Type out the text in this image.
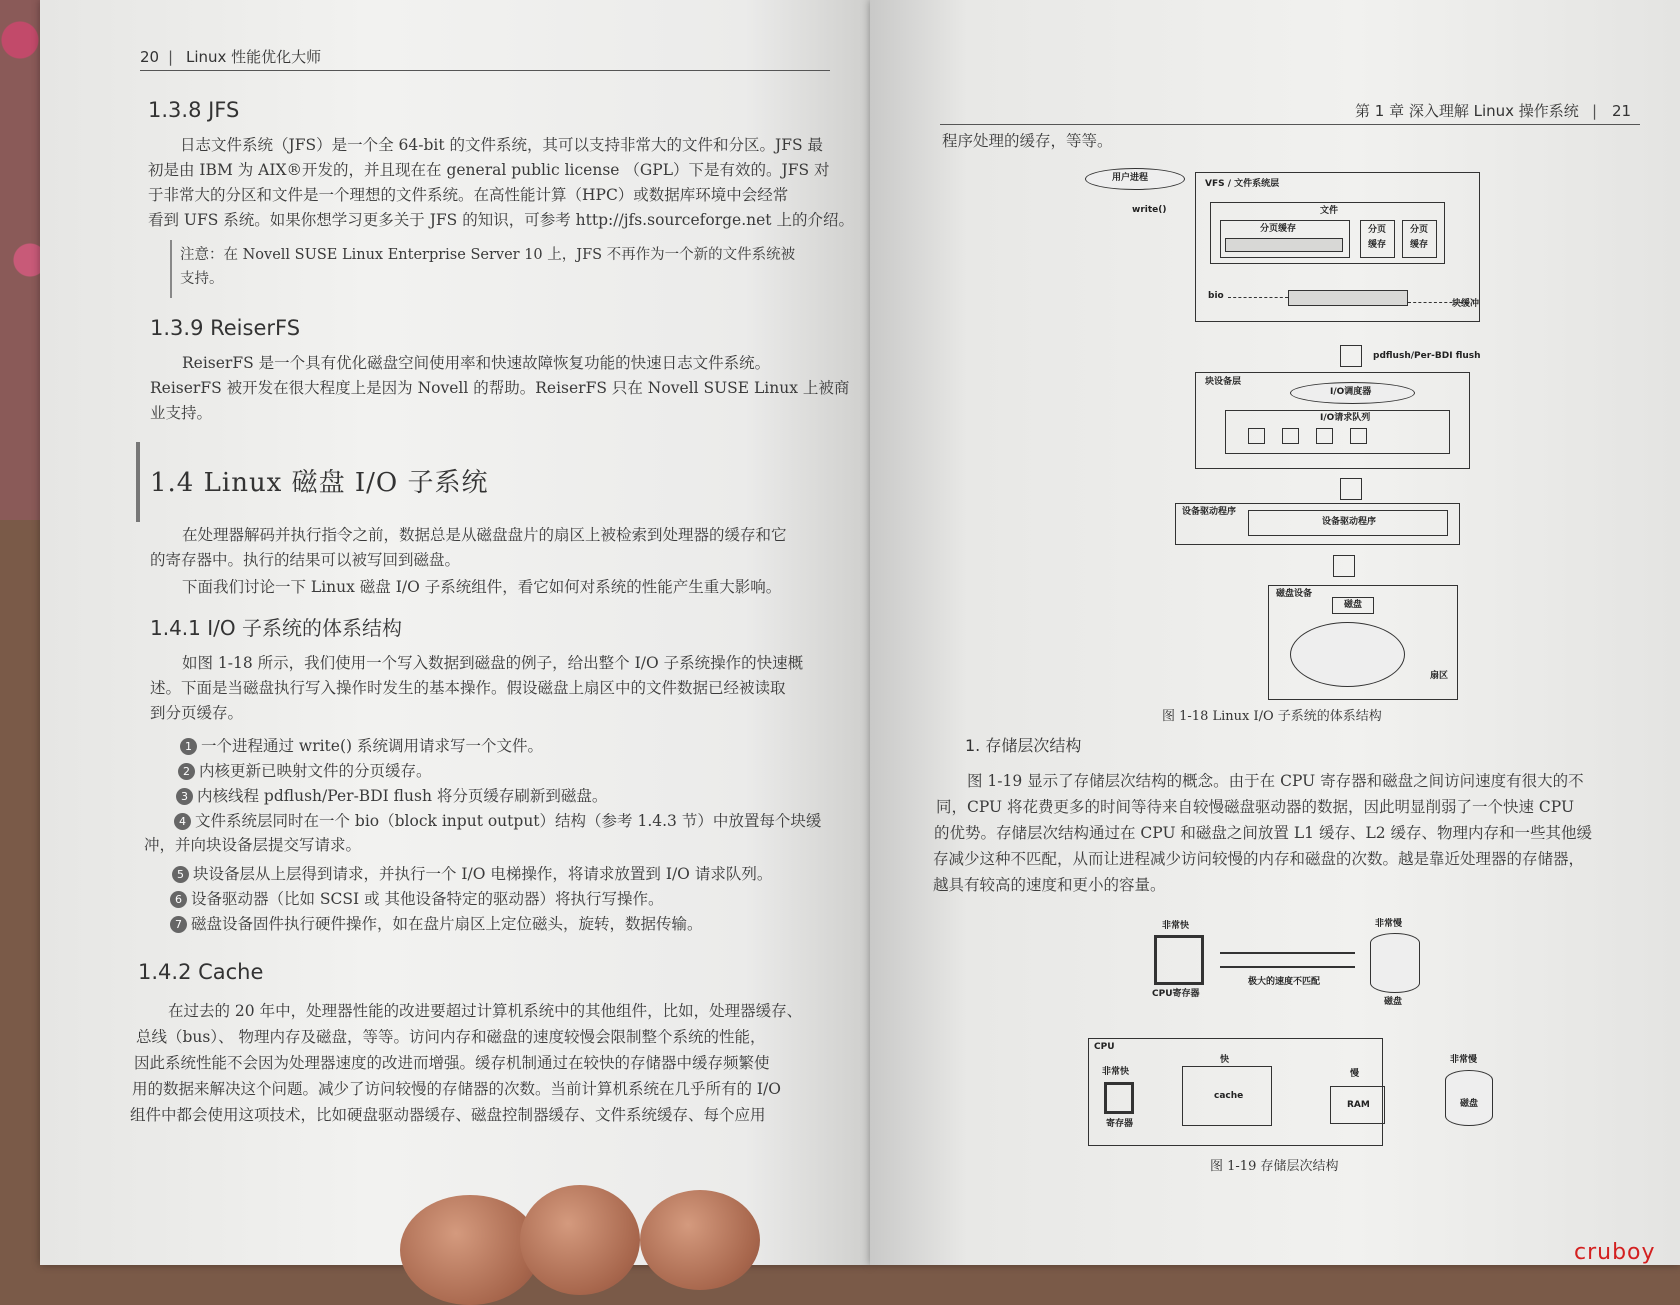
20 | Linux 性能优化大师
1.3.8 JFS
日志文件系统（JFS）是一个全 64-bit 的文件系统，其可以支持非常大的文件和分区。JFS 最
初是由 IBM 为 AIX®开发的，并且现在在 general public license （GPL）下是有效的。JFS 对
于非常大的分区和文件是一个理想的文件系统。在高性能计算（HPC）或数据库环境中会经常
看到 UFS 系统。如果你想学习更多关于 JFS 的知识，可参考 http://jfs.sourceforge.net 上的介绍。
注意：在 Novell SUSE Linux Enterprise Server 10 上，JFS 不再作为一个新的文件系统被
支持。
1.3.9 ReiserFS
ReiserFS 是一个具有优化磁盘空间使用率和快速故障恢复功能的快速日志文件系统。
ReiserFS 被开发在很大程度上是因为 Novell 的帮助。ReiserFS 只在 Novell SUSE Linux 上被商
业支持。
1.4 Linux 磁盘 I/O 子系统
在处理器解码并执行指令之前，数据总是从磁盘盘片的扇区上被检索到处理器的缓存和它
的寄存器中。执行的结果可以被写回到磁盘。
下面我们讨论一下 Linux 磁盘 I/O 子系统组件，看它如何对系统的性能产生重大影响。
1.4.1 I/O 子系统的体系结构
如图 1-18 所示，我们使用一个写入数据到磁盘的例子，给出整个 I/O 子系统操作的快速概
述。下面是当磁盘执行写入操作时发生的基本操作。假设磁盘上扇区中的文件数据已经被读取
到分页缓存。
1 一个进程通过 write() 系统调用请求写一个文件。
2 内核更新已映射文件的分页缓存。
3 内核线程 pdflush/Per-BDI flush 将分页缓存刷新到磁盘。
4 文件系统层同时在一个 bio（block input output）结构（参考 1.4.3 节）中放置每个块缓
冲，并向块设备层提交写请求。
5 块设备层从上层得到请求，并执行一个 I/O 电梯操作，将请求放置到 I/O 请求队列。
6 设备驱动器（比如 SCSI 或 其他设备特定的驱动器）将执行写操作。
7 磁盘设备固件执行硬件操作，如在盘片扇区上定位磁头，旋转，数据传输。
1.4.2 Cache
在过去的 20 年中，处理器性能的改进要超过计算机系统中的其他组件，比如，处理器缓存、
总线（bus）、 物理内存及磁盘，等等。访问内存和磁盘的速度较慢会限制整个系统的性能，
因此系统性能不会因为处理器速度的改进而增强。缓存机制通过在较快的存储器中缓存频繁使
用的数据来解决这个问题。减少了访问较慢的存储器的次数。当前计算机系统在几乎所有的 I/O
组件中都会使用这项技术，比如硬盘驱动器缓存、磁盘控制器缓存、文件系统缓存、每个应用
第 1 章 深入理解 Linux 操作系统 | 21
程序处理的缓存，等等。
用户进程
write()
VFS / 文件系统层
文件
分页缓存	分页
缓存
分页
缓存
bio
块缓冲
pdflush/Per-BDI flush
块设备层
I/O调度器
I/O请求队列
设备驱动程序
设备驱动程序
磁盘设备
磁盘
扇区
图 1-18 Linux I/O 子系统的体系结构
1. 存储层次结构
图 1-19 显示了存储层次结构的概念。由于在 CPU 寄存器和磁盘之间访问速度有很大的不
同，CPU 将花费更多的时间等待来自较慢磁盘驱动器的数据，因此明显削弱了一个快速 CPU
的优势。存储层次结构通过在 CPU 和磁盘之间放置 L1 缓存、L2 缓存、物理内存和一些其他缓
存减少这种不匹配，从而让进程减少访问较慢的内存和磁盘的次数。越是靠近处理器的存储器，
越具有较高的速度和更小的容量。
非常快	非常慢
CPU寄存器
极大的速度不匹配
磁盘
CPU
非常快
寄存器
快
cache
慢
RAM
非常慢
磁盘
图 1-19 存储层次结构
cruboy
